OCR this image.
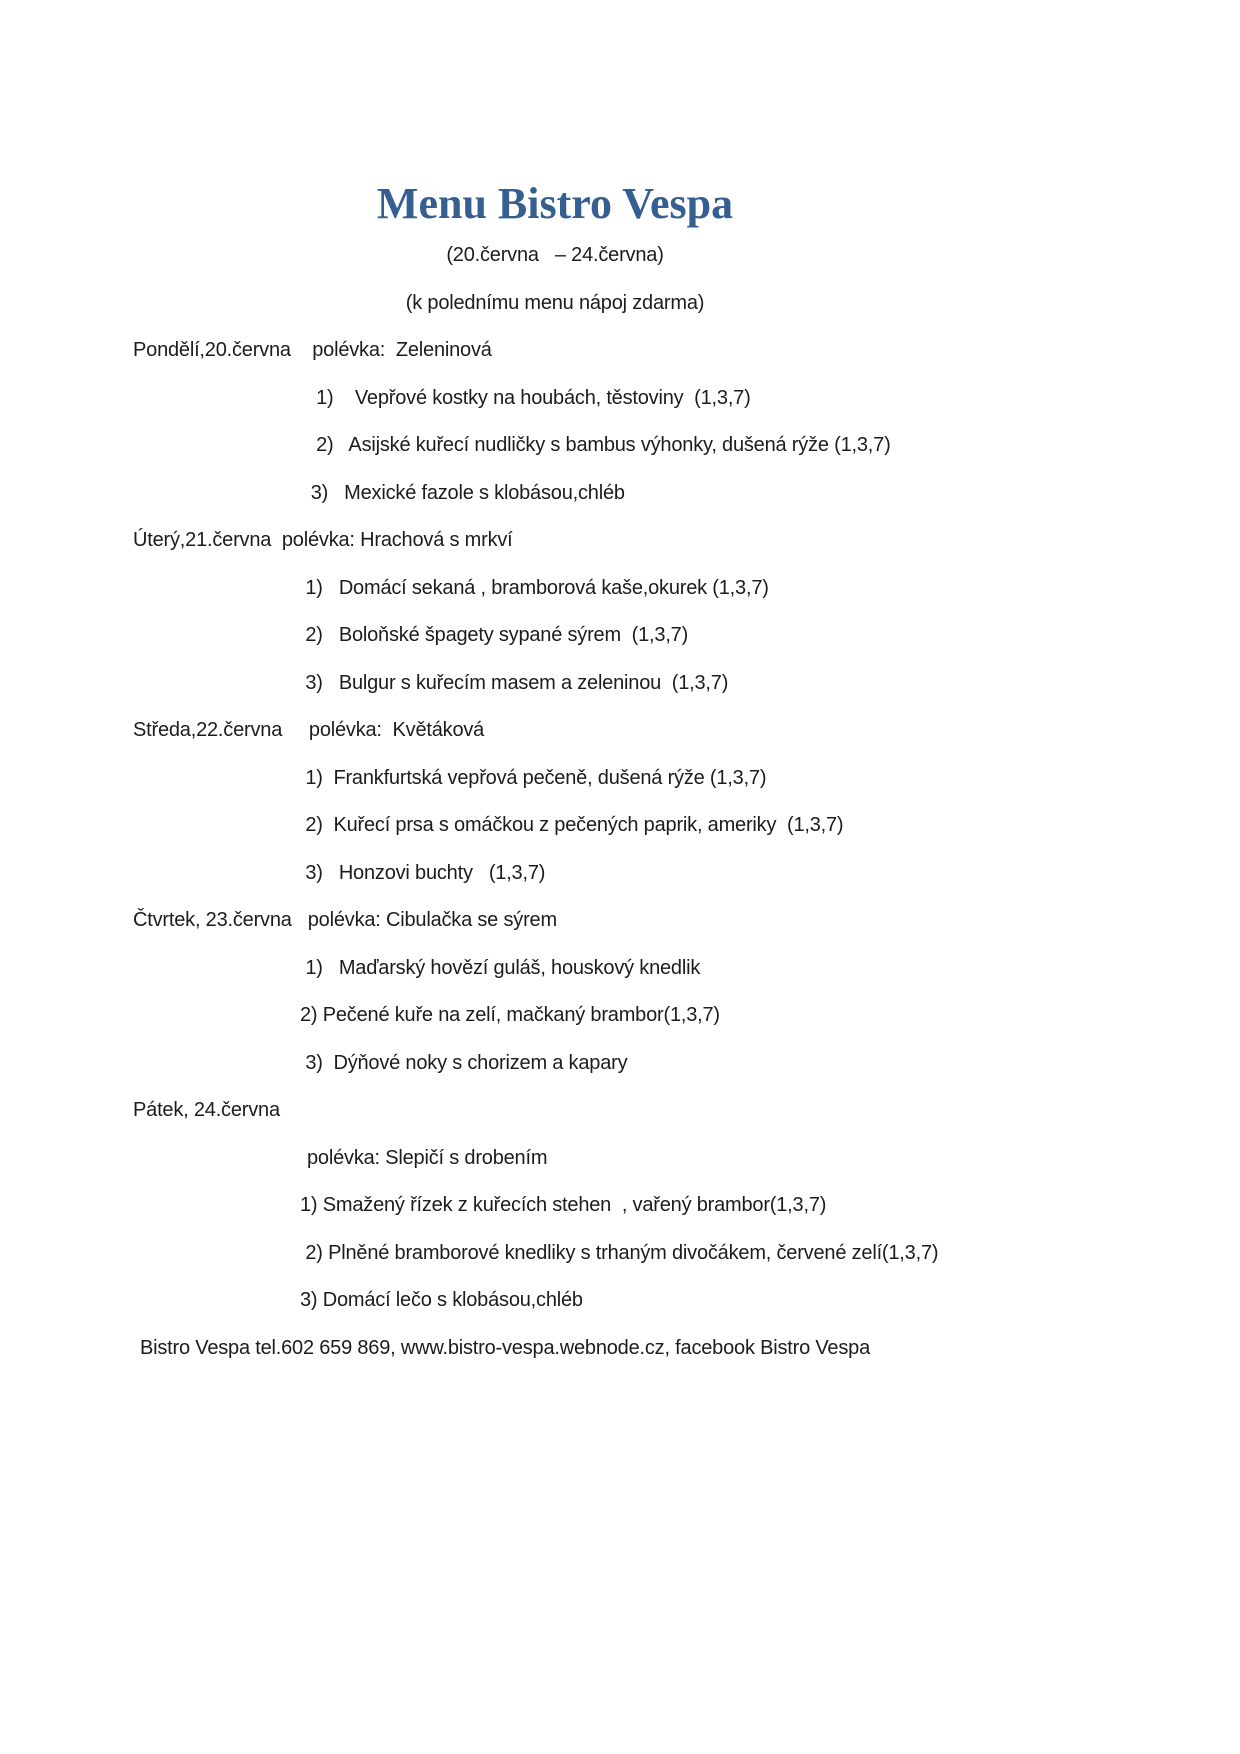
Menu Bistro Vespa
(20.června   – 24.června)
(k polednímu menu nápoj zdarma)
Pondělí,20.června    polévka:  Zeleninová
1)    Vepřové kostky na houbách, těstoviny  (1,3,7)
2)   Asijské kuřecí nudličky s bambus výhonky, dušená rýže (1,3,7)
3)   Mexické fazole s klobásou,chléb
Úterý,21.června  polévka: Hrachová s mrkví
1)   Domácí sekaná , bramborová kaše,okurek (1,3,7)
2)   Boloňské špagety sypané sýrem  (1,3,7)
3)   Bulgur s kuřecím masem a zeleninou  (1,3,7)
Středa,22.června     polévka:  Květáková
1)  Frankfurtská vepřová pečeně, dušená rýže (1,3,7)
2)  Kuřecí prsa s omáčkou z pečených paprik, ameriky  (1,3,7)
3)   Honzovi buchty   (1,3,7)
Čtvrtek, 23.června   polévka: Cibulačka se sýrem
1)   Maďarský hovězí guláš, houskový knedlik
2) Pečené kuře na zelí, mačkaný brambor(1,3,7)
3)  Dýňové noky s chorizem a kapary
Pátek, 24.června
polévka: Slepičí s drobením
1) Smažený řízek z kuřecích stehen  , vařený brambor(1,3,7)
2) Plněné bramborové knedliky s trhaným divočákem, červené zelí(1,3,7)
3) Domácí lečo s klobásou,chléb
Bistro Vespa tel.602 659 869, www.bistro-vespa.webnode.cz, facebook Bistro Vespa
